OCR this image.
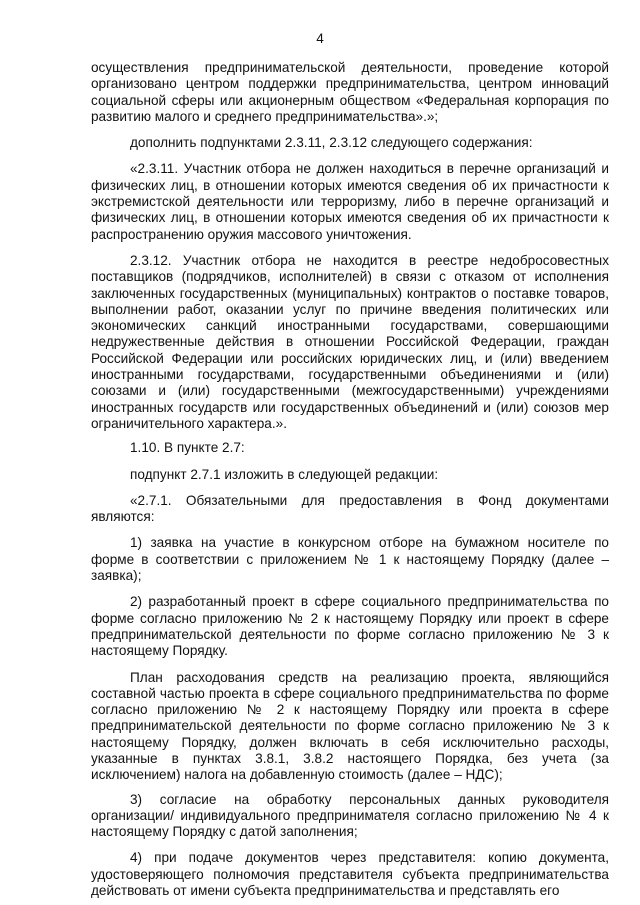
4

осуществления предпринимательской деятельности, проведение которой организовано центром поддержки предпринимательства, центром инноваций социальной сферы или акционерным обществом «Федеральная корпорация по развитию малого и среднего предпринимательства».»;

дополнить подпунктами 2.3.11, 2.3.12 следующего содержания:

«2.3.11. Участник отбора не должен находиться в перечне организаций и физических лиц, в отношении которых имеются сведения об их причастности к экстремистской деятельности или терроризму, либо в перечне организаций и физических лиц, в отношении которых имеются сведения об их причастности к распространению оружия массового уничтожения.

2.3.12. Участник отбора не находится в реестре недобросовестных поставщиков (подрядчиков, исполнителей) в связи с отказом от исполнения заключенных государственных (муниципальных) контрактов о поставке товаров, выполнении работ, оказании услуг по причине введения политических или экономических санкций иностранными государствами, совершающими недружественные действия в отношении Российской Федерации, граждан Российской Федерации или российских юридических лиц, и (или) введением иностранными государствами, государственными объединениями и (или) союзами и (или) государственными (межгосударственными) учреждениями иностранных государств или государственных объединений и (или) союзов мер ограничительного характера.».

1.10. В пункте 2.7:

подпункт 2.7.1 изложить в следующей редакции:

«2.7.1. Обязательными для предоставления в Фонд документами являются:

1) заявка на участие в конкурсном отборе на бумажном носителе по форме в соответствии с приложением № 1 к настоящему Порядку (далее – заявка);

2) разработанный проект в сфере социального предпринимательства по форме согласно приложению № 2 к настоящему Порядку или проект в сфере предпринимательской деятельности по форме согласно приложению № 3 к настоящему Порядку.

План расходования средств на реализацию проекта, являющийся составной частью проекта в сфере социального предпринимательства по форме согласно приложению № 2 к настоящему Порядку или проекта в сфере предпринимательской деятельности по форме согласно приложению № 3 к настоящему Порядку, должен включать в себя исключительно расходы, указанные в пунктах 3.8.1, 3.8.2 настоящего Порядка, без учета (за исключением) налога на добавленную стоимость (далее – НДС);

3) согласие на обработку персональных данных руководителя организации/ индивидуального предпринимателя согласно приложению № 4 к настоящему Порядку с датой заполнения;

4) при подаче документов через представителя: копию документа, удостоверяющего полномочия представителя субъекта предпринимательства действовать от имени субъекта предпринимательства и представлять его
